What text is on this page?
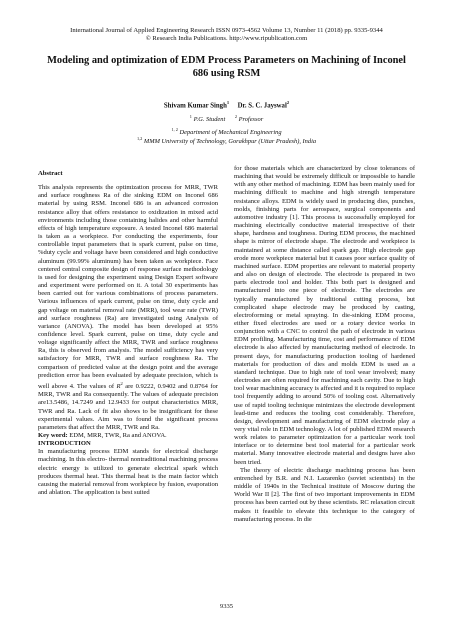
International Journal of Applied Engineering Research ISSN 0973-4562 Volume 13, Number 11 (2018) pp. 9335-9344
© Research India Publications. http://www.ripublication.com
Modeling and optimization of EDM Process Parameters on Machining of Inconel 686 using RSM
Shivam Kumar Singh$^1$ Dr. S. C. Jayswal$^2$
$^1$ P.G. Student $^2$ Professor
$^{1, 2}$ Department of Mechanical Engineering
$^{1,2}$ MMM University of Technology, Gorakhpur (Uttar Pradesh), India

Abstract

This analysis represents the optimization process for MRR, TWR and surface roughness Ra of die sinking EDM on Inconel 686 material by using RSM. Inconel 686 is an advanced corrosion resistance alloy that offers resistance to oxidization in mixed acid environments including those containing halides and other harmful effects of high temperature exposure. A tested Inconel 686 material is taken as a workpiece. For conducting the experiments, four controllable input parameters that is spark current, pulse on time, %duty cycle and voltage have been considered and high conductive aluminum (99.99% aluminum) has been taken as workpiece. Face centered central composite design of response surface methodology is used for designing the experiment using Design Expert software and experiment were performed on it. A total 30 experiments has been carried out for various combinations of process parameters. Various influences of spark current, pulse on time, duty cycle and gap voltage on material removal rate (MRR), tool wear rate (TWR) and surface roughness (Ra) are investigated using Analysis of variance (ANOVA). The model has been developed at 95% confidence level. Spark current, pulse on time, duty cycle and voltage significantly affect the MRR, TWR and surface roughness Ra, this is observed from analysis. The model sufficiency has very satisfactory for MRR, TWR and surface roughness Ra. The comparison of predicted value at the design point and the average prediction error has been evaluated by adequate precision, which is well above 4. The values of $R^2$ are 0.9222, 0.9402 and 0.8764 for MRR, TWR and Ra consequently. The values of adequate precision are13.5486, 14.7249 and 12.9433 for output characteristics MRR, TWR and Ra. Lack of fit also shows to be insignificant for these experimental values. Aim was to found the significant process parameters that affect the MRR, TWR and Ra.

Key word: EDM, MRR, TWR, Ra and ANOVA.

INTRODUCTION

In manufacturing process EDM stands for electrical discharge machining. In this electro- thermal nontraditional machining process electric energy is utilized to generate electrical spark which produces thermal heat. This thermal heat is the main factor which causing the material removal from workpiece by fusion, evaporation and ablation. The application is best suited

for those materials which are characterized by close tolerances of machining that would be extremely difficult or impossible to handle with any other method of machining. EDM has been mainly used for machining difficult to machine and high strength temperature resistance alloys. EDM is widely used in producing dies, punches, molds, finishing parts for aerospace, surgical components and automotive industry [1]. This process is successfully employed for machining electrically conductive material irrespective of their shape, hardness and toughness. During EDM process, the machined shape is mirror of electrode shape. The electrode and workpiece is maintained at some distance called spark gap. High electrode gap erode more workpiece material but it causes poor surface quality of machined surface. EDM properties are relevant to material property and also on design of electrode. The electrode is prepared in two parts electrode tool and holder. This both part is designed and manufactured into one piece of electrode. The electrodes are typically manufactured by traditional cutting process, but complicated shape electrode may be produced by casting, electroforming or metal spraying. In die-sinking EDM process, either fixed electrodes are used or a rotary device works in conjunction with a CNC to control the path of electrode in various EDM profiling. Manufacturing time, cost and performance of EDM electrode is also affected by manufacturing method of electrode. In present days, for manufacturing production tooling of hardened materials for production of dies and molds EDM is used as a standard technique. Due to high rate of tool wear involved; many electrodes are often required for machining each cavity. Due to high tool wear machining accuracy is affected and it is required to replace tool frequently adding to around 50% of tooling cost. Alternatively use of rapid tooling technique minimizes the electrode development lead-time and reduces the tooling cost considerably. Therefore, design, development and manufacturing of EDM electrode play a very vital role in EDM technology. A lot of published EDM research work relates to parameter optimization for a particular work tool interface or to determine best tool material for a particular work material. Many innovative electrode material and designs have also been tried.

The theory of electric discharge machining process has been entrenched by B.R. and N.I. Lazarenko (soviet scientists) in the middle of 1940s in the Technical institute of Moscow during the World War II [2]. The first of two important improvements in EDM process has been carried out by these scientists. RC relaxation circuit makes it feasible to elevate this technique to the category of manufacturing process. In die

9335
